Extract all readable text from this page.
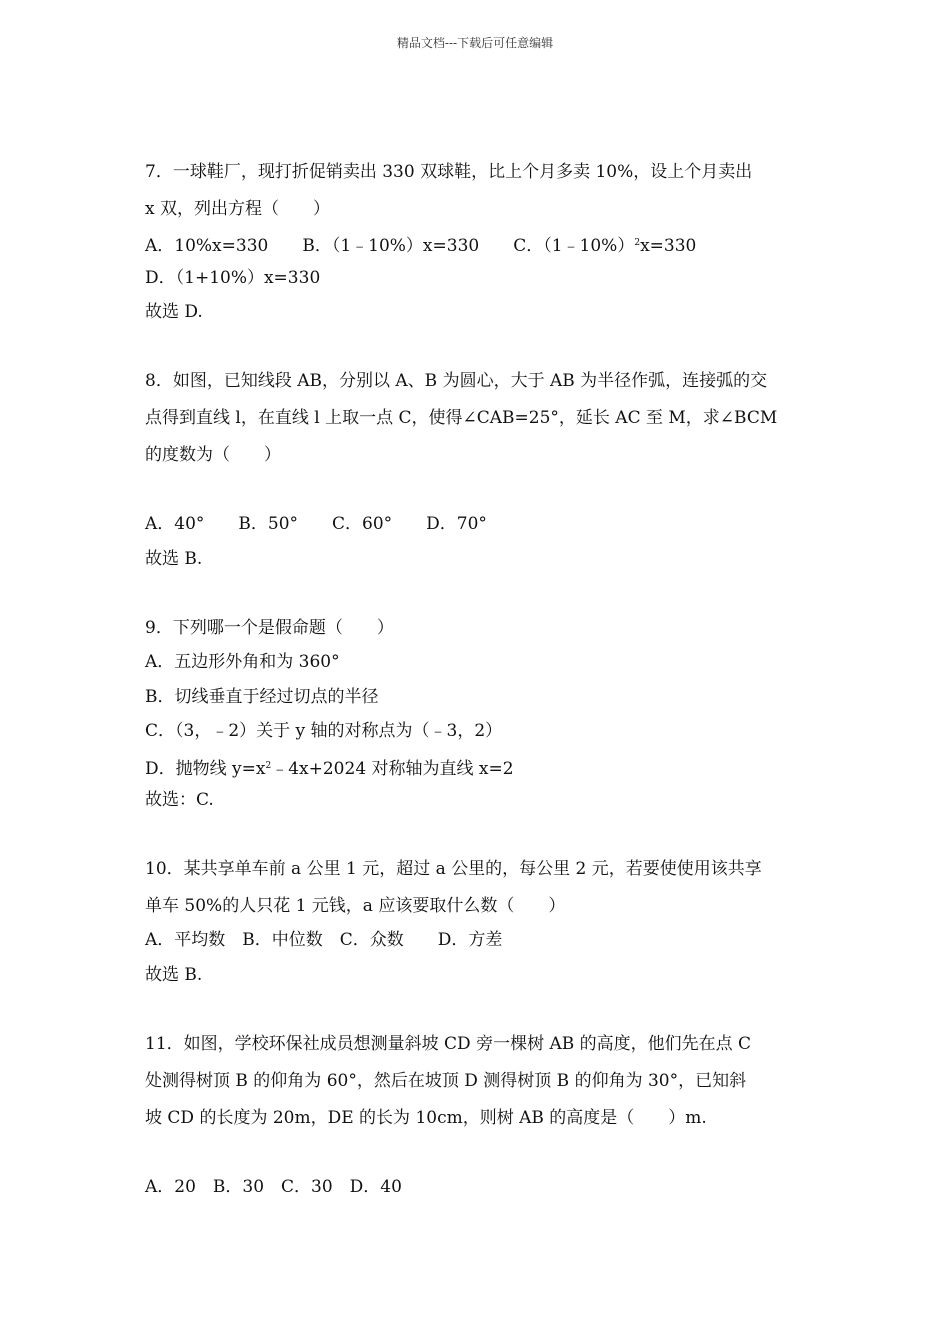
精品文档---下载后可任意编辑
7．一球鞋厂，现打折促销卖出 330 双球鞋，比上个月多卖 10%，设上个月卖出
x 双，列出方程（　　）
A．10%x=330　　B．（1﹣10%）x=330　　C．（1﹣10%）$^2$x=330
D．（1+10%）x=330
故选 D.
8．如图，已知线段 AB，分别以 A、B 为圆心，大于 AB 为半径作弧，连接弧的交
点得到直线 l，在直线 l 上取一点 C，使得∠CAB=25°，延长 AC 至 M，求∠BCM
的度数为（　　）
A．40°　　B．50°　　C．60°　　D．70°
故选 B.
9．下列哪一个是假命题（　　）
A．五边形外角和为 360°
B．切线垂直于经过切点的半径
C．（3，﹣2）关于 y 轴的对称点为（﹣3，2）
D．抛物线 $y=x^2﹣4x+2024$ 对称轴为直线 x=2
故选：C.
10．某共享单车前 a 公里 1 元，超过 a 公里的，每公里 2 元，若要使使用该共享
单车 50%的人只花 1 元钱，a 应该要取什么数（　　）
A．平均数　B．中位数　C．众数　　D．方差
故选 B.
11．如图，学校环保社成员想测量斜坡 CD 旁一棵树 AB 的高度，他们先在点 C
处测得树顶 B 的仰角为 60°，然后在坡顶 D 测得树顶 B 的仰角为 30°，已知斜
坡 CD 的长度为 20m，DE 的长为 10cm，则树 AB 的高度是（　　）m.
A．20　B．30　C．30　D．40
